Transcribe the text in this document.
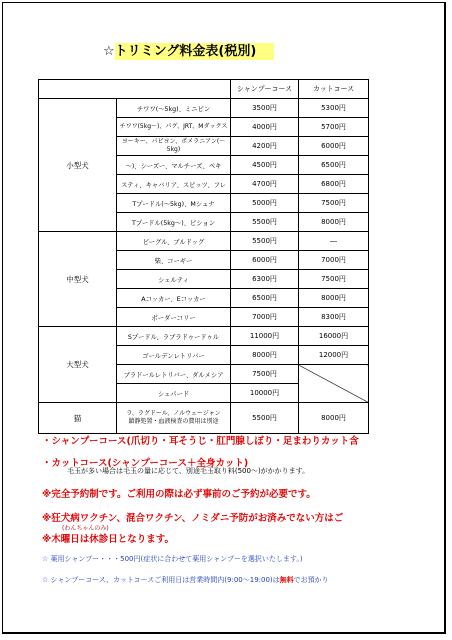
☆トリミング料金表(税別)
		シャンプーコース	カットコース
小型犬	チワワ(～5kg)、ミニピン	3500円	5300円
	チワワ(5kg～)、パグ、JRT、Mダックス	4000円	5700円
	ヨーキー、パピヨン、ポメラニアン(～5kg)	4200円	6000円
	～)、シーズー、マルチーズ、ペキ	4500円	6500円
	スティ、キャバリア、スピッツ、フレ	4700円	6800円
	Tプードル(～5kg)、Mシュナ	5000円	7500円
	Tプードル(5kg～)、ビション	5500円	8000円
中型犬	ビーグル、ブルドッグ	5500円	―
	柴、コーギー	6000円	7000円
	シェルティ	6300円	7500円
	Aコッカー、Eコッカー	6500円	8000円
	ボーダーコリー	7000円	8300円
大型犬	Sプードル、ラブラドゥードゥル	11000円	16000円
	ゴールデンレトリバー	8000円	12000円
	ブラドールレトリバー、ダルメシア	7500円	
	シェパード	10000円	
猫	ラ、ラグドール、ノルウェージャン
鎮静処置・血液検査の費用は別途	5500円	8000円
・シャンプーコース(爪切り・耳そうじ・肛門腺しぼり・足まわりカット含
・カットコース(シャンプーコース＋全身カット)
毛玉が多い場合は毛玉の量に応じて、別途毛玉取り料(500～)がかかります。
※完全予約制です。ご利用の際は必ず事前のご予約が必要です。
※狂犬病ワクチン、混合ワクチン、ノミダニ予防がお済みでない方はご
(わんちゃんのみ)
※木曜日は休診日となります。
☆ 薬用シャンプー・・・500円(症状に合わせて薬用シャンプーを選択いたします。)
☆ シャンプーコース、カットコースご利用日は営業時間内(9:00～19:00)は無料でお預かり
